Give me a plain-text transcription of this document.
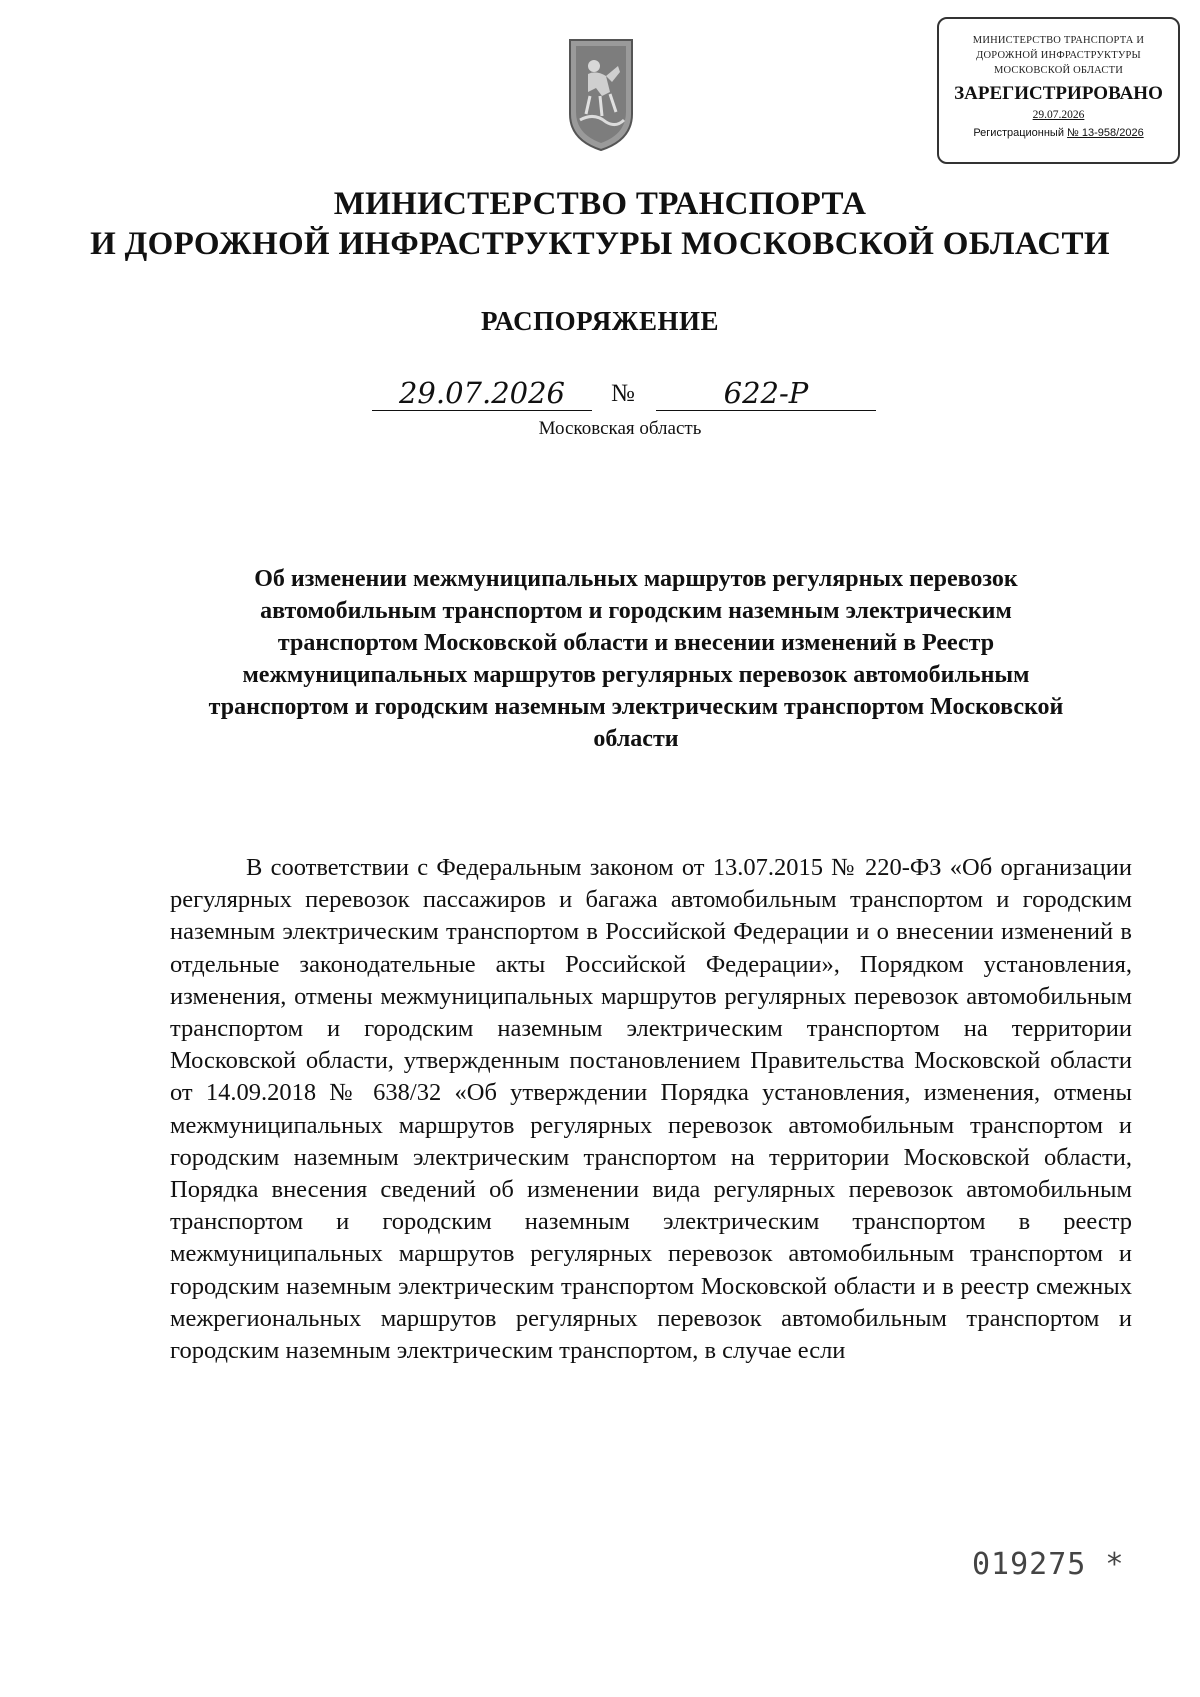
МИНИСТЕРСТВО ТРАНСПОРТА И
ДОРОЖНОЙ ИНФРАСТРУКТУРЫ
МОСКОВСКОЙ ОБЛАСТИ
ЗАРЕГИСТРИРОВАНО
29.07.2026
Регистрационный № 13-958/2026
МИНИСТЕРСТВО ТРАНСПОРТА
И ДОРОЖНОЙ ИНФРАСТРУКТУРЫ МОСКОВСКОЙ ОБЛАСТИ
РАСПОРЯЖЕНИЕ
29.07.2026	№	622-Р
Московская область

Об изменении межмуниципальных маршрутов регулярных перевозок автомобильным транспортом и городским наземным электрическим транспортом Московской области и внесении изменений в Реестр межмуниципальных маршрутов регулярных перевозок автомобильным транспортом и городским наземным электрическим транспортом Московской области

В соответствии с Федеральным законом от 13.07.2015 № 220-ФЗ «Об организации регулярных перевозок пассажиров и багажа автомобильным транспортом и городским наземным электрическим транспортом в Российской Федерации и о внесении изменений в отдельные законодательные акты Российской Федерации», Порядком установления, изменения, отмены межмуниципальных маршрутов регулярных перевозок автомобильным транспортом и городским наземным электрическим транспортом на территории Московской области, утвержденным постановлением Правительства Московской области от 14.09.2018 № 638/32 «Об утверждении Порядка установления, изменения, отмены межмуниципальных маршрутов регулярных перевозок автомобильным транспортом и городским наземным электрическим транспортом на территории Московской области, Порядка внесения сведений об изменении вида регулярных перевозок автомобильным транспортом и городским наземным электрическим транспортом в реестр межмуниципальных маршрутов регулярных перевозок автомобильным транспортом и городским наземным электрическим транспортом Московской области и в реестр смежных межрегиональных маршрутов регулярных перевозок автомобильным транспортом и городским наземным электрическим транспортом, в случае если

019275 *
